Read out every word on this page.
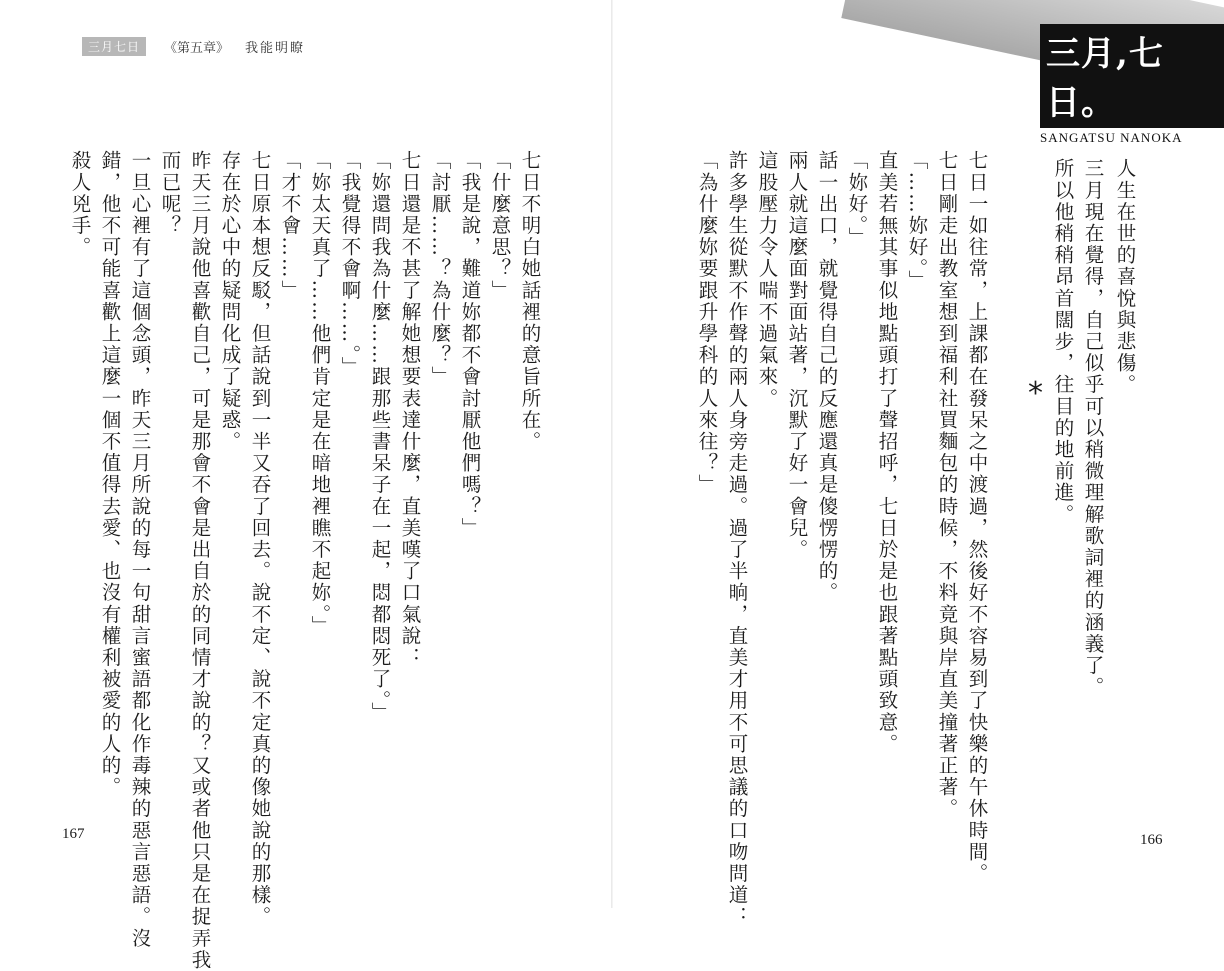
三月七日	《第五章》 我能明瞭	三月,七日。
SANGATSU NANOKA
人生在世的喜悅與悲傷。
三月現在覺得，自己似乎可以稍微理解歌詞裡的涵義了。
所以他稍稍昂首闊步，往目的地前進。
*
七日一如往常，上課都在發呆之中渡過，然後好不容易到了快樂的午休時間。
七日剛走出教室想到福利社買麵包的時候，不料竟與岸直美撞著正著。
「……妳好。」
直美若無其事似地點頭打了聲招呼，七日於是也跟著點頭致意。
「妳好。」
話一出口，就覺得自己的反應還真是傻愣愣的。
兩人就這麼面對面站著，沉默了好一會兒。
這股壓力令人喘不過氣來。
許多學生從默不作聲的兩人身旁走過。過了半晌，直美才用不可思議的口吻問道：
「為什麼妳要跟升學科的人來往？」
七日不明白她話裡的意旨所在。
「什麼意思？」
「我是說，難道妳都不會討厭他們嗎？」
「討厭……？為什麼？」
七日還是不甚了解她想要表達什麼，直美嘆了口氣說：
「妳還問我為什麼……跟那些書呆子在一起，悶都悶死了。」
「我覺得不會啊……。」
「妳太天真了……他們肯定是在暗地裡瞧不起妳。」
「才不會……」
七日原本想反駁，但話說到一半又吞了回去。說不定、說不定真的像她說的那樣。
存在於心中的疑問化成了疑惑。
昨天三月說他喜歡自己，可是那會不會是出自於的同情才說的？又或者他只是在捉弄我
而已呢？
一旦心裡有了這個念頭，昨天三月所說的每一句甜言蜜語都化作毒辣的惡言惡語。沒
錯，他不可能喜歡上這麼一個不值得去愛、也沒有權利被愛的人的。
殺人兇手。
167	166
